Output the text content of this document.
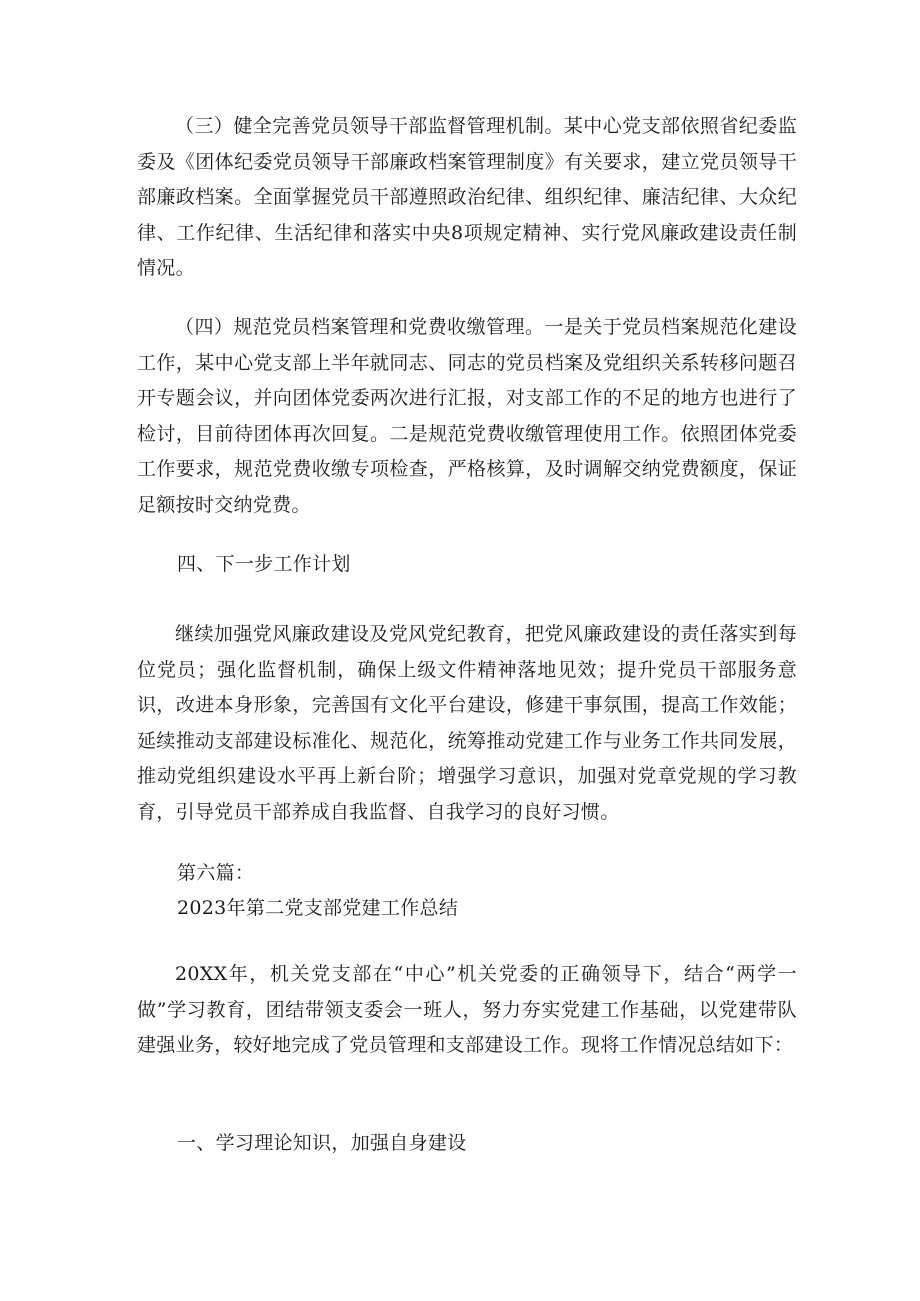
（三）健全完善党员领导干部监督管理机制。某中心党支部依照省纪委监委及《团体纪委党员领导干部廉政档案管理制度》有关要求，建立党员领导干部廉政档案。全面掌握党员干部遵照政治纪律、组织纪律、廉洁纪律、大众纪律、工作纪律、生活纪律和落实中央8项规定精神、实行党风廉政建设责任制情况。

（四）规范党员档案管理和党费收缴管理。一是关于党员档案规范化建设工作，某中心党支部上半年就同志、同志的党员档案及党组织关系转移问题召开专题会议，并向团体党委两次进行汇报，对支部工作的不足的地方也进行了检讨，目前待团体再次回复。二是规范党费收缴管理使用工作。依照团体党委工作要求，规范党费收缴专项检查，严格核算，及时调解交纳党费额度，保证足额按时交纳党费。

四、下一步工作计划

继续加强党风廉政建设及党风党纪教育，把党风廉政建设的责任落实到每位党员；强化监督机制，确保上级文件精神落地见效；提升党员干部服务意识，改进本身形象，完善国有文化平台建设，修建干事氛围，提高工作效能；延续推动支部建设标准化、规范化，统筹推动党建工作与业务工作共同发展，推动党组织建设水平再上新台阶；增强学习意识，加强对党章党规的学习教育，引导党员干部养成自我监督、自我学习的良好习惯。

第六篇：

2023年第二党支部党建工作总结

20XX年，机关党支部在“中心”机关党委的正确领导下，结合“两学一做”学习教育，团结带领支委会一班人，努力夯实党建工作基础，以党建带队建强业务，较好地完成了党员管理和支部建设工作。现将工作情况总结如下：

一、学习理论知识，加强自身建设
